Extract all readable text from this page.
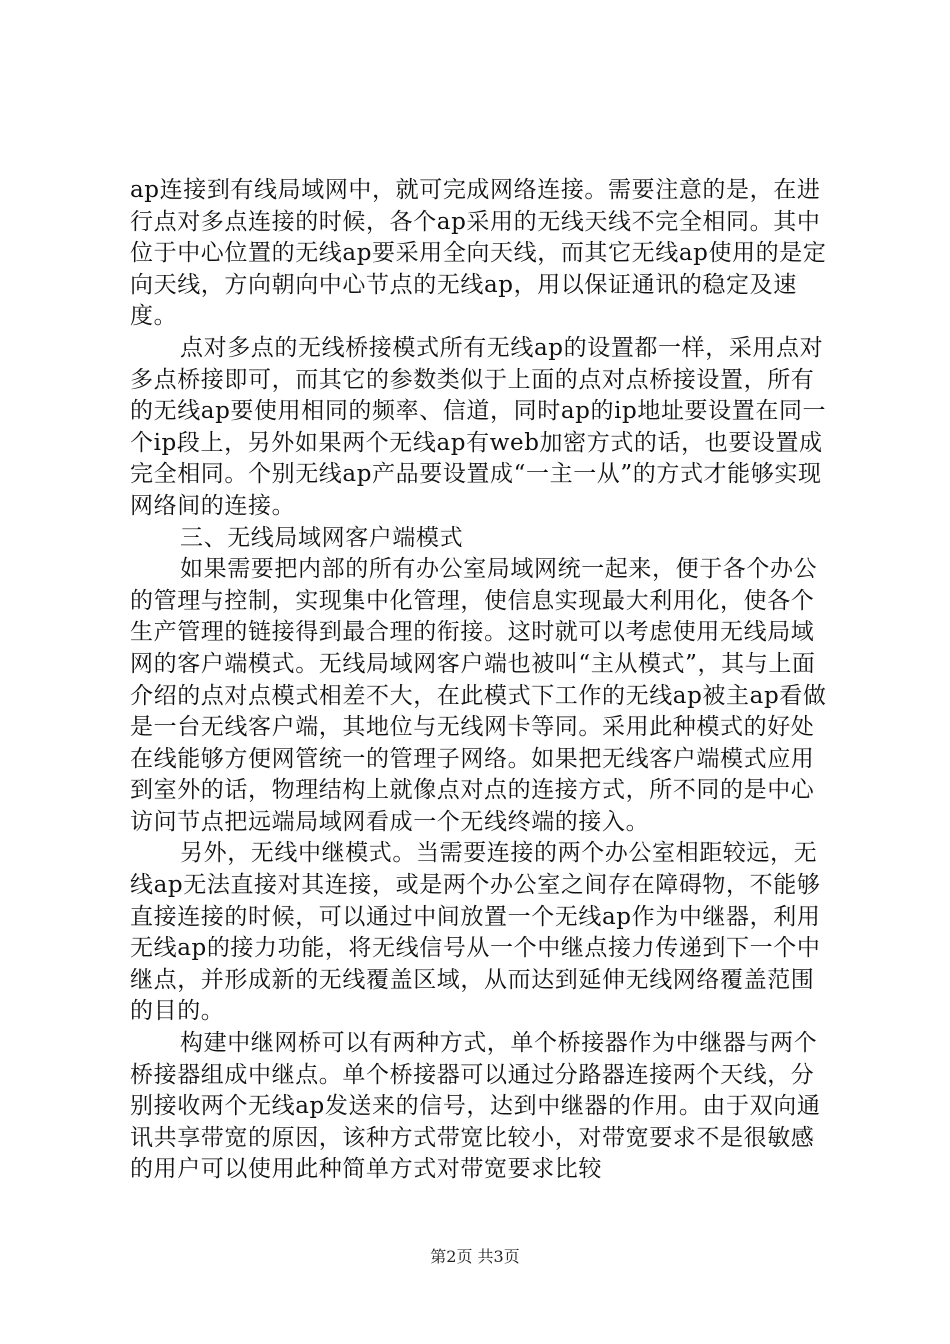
ap连接到有线局域网中，就可完成网络连接。需要注意的是，在进行点对多点连接的时候，各个ap采用的无线天线不完全相同。其中位于中心位置的无线ap要采用全向天线，而其它无线ap使用的是定向天线，方向朝向中心节点的无线ap，用以保证通讯的稳定及速度。

点对多点的无线桥接模式所有无线ap的设置都一样，采用点对多点桥接即可，而其它的参数类似于上面的点对点桥接设置，所有的无线ap要使用相同的频率、信道，同时ap的ip地址要设置在同一个ip段上，另外如果两个无线ap有web加密方式的话，也要设置成完全相同。个别无线ap产品要设置成“一主一从”的方式才能够实现网络间的连接。

三、无线局域网客户端模式

如果需要把内部的所有办公室局域网统一起来，便于各个办公的管理与控制，实现集中化管理，使信息实现最大利用化，使各个生产管理的链接得到最合理的衔接。这时就可以考虑使用无线局域网的客户端模式。无线局域网客户端也被叫“主从模式”，其与上面介绍的点对点模式相差不大，在此模式下工作的无线ap被主ap看做是一台无线客户端，其地位与无线网卡等同。采用此种模式的好处在线能够方便网管统一的管理子网络。如果把无线客户端模式应用到室外的话，物理结构上就像点对点的连接方式，所不同的是中心访问节点把远端局域网看成一个无线终端的接入。

另外，无线中继模式。当需要连接的两个办公室相距较远，无线ap无法直接对其连接，或是两个办公室之间存在障碍物，不能够直接连接的时候，可以通过中间放置一个无线ap作为中继器，利用无线ap的接力功能，将无线信号从一个中继点接力传递到下一个中继点，并形成新的无线覆盖区域，从而达到延伸无线网络覆盖范围的目的。

构建中继网桥可以有两种方式，单个桥接器作为中继器与两个桥接器组成中继点。单个桥接器可以通过分路器连接两个天线，分别接收两个无线ap发送来的信号，达到中继器的作用。由于双向通讯共享带宽的原因，该种方式带宽比较小，对带宽要求不是很敏感的用户可以使用此种简单方式对带宽要求比较

第2页 共3页
